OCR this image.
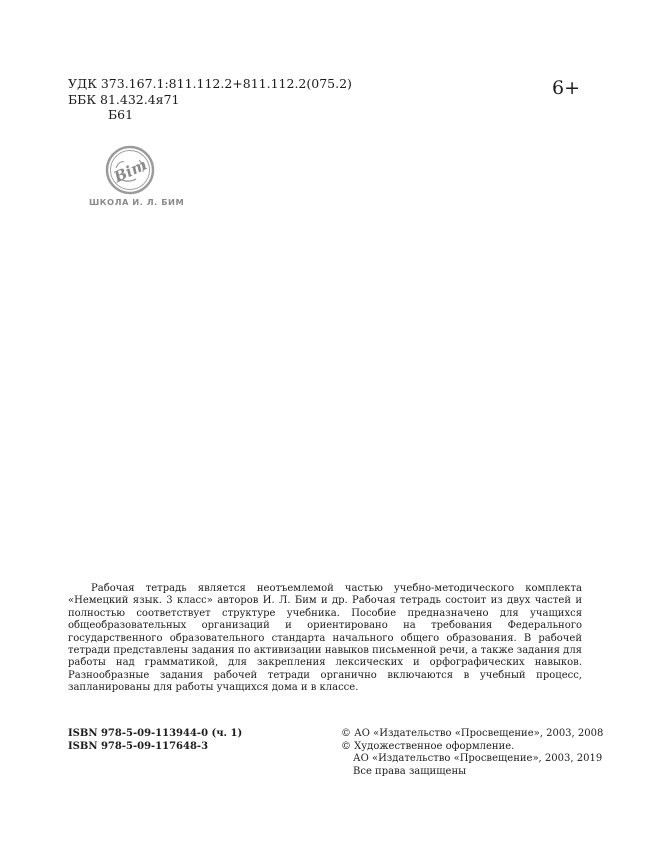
УДК 373.167.1:811.112.2+811.112.2(075.2)
ББК 81.432.4я71
Б61
6+
Bim
ШКОЛА И. Л. БИМ

Рабочая тетрадь является неотъемлемой частью учебно-методического комплекта «Немецкий язык. 3 класс» авторов И. Л. Бим и др. Рабочая тетрадь состоит из двух частей и полностью соответствует структуре учебника. Пособие предназначено для учащихся общеобразовательных организаций и ориентировано на требования Федерального государственного образовательного стандарта начального общего образования. В рабочей тетради представлены задания по активизации навыков письменной речи, а также задания для работы над грамматикой, для закрепления лексических и орфографических навыков. Разнообразные задания рабочей тетради органично включаются в учебный процесс, запланированы для работы учащихся дома и в классе.

ISBN 978-5-09-113944-0 (ч. 1)
ISBN 978-5-09-117648-3
© АО «Издательство «Просвещение», 2003, 2008
© Художественное оформление.
АО «Издательство «Просвещение», 2003, 2019
Все права защищены
